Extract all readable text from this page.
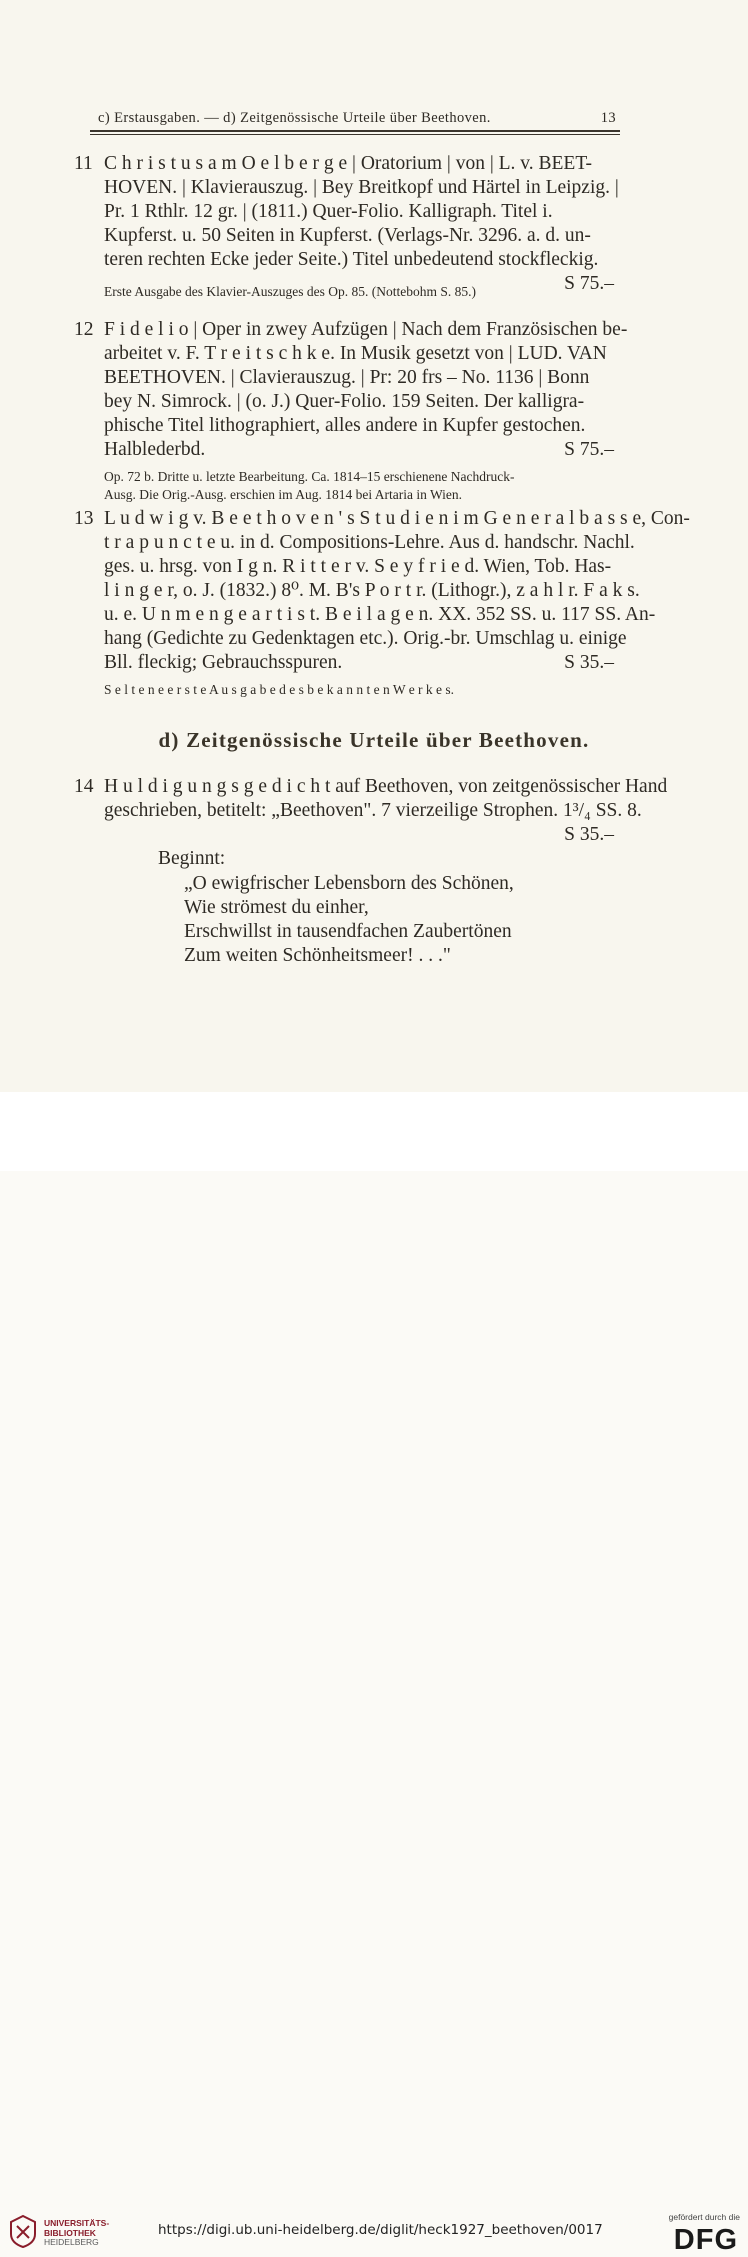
c) Erstausgaben. — d) Zeitgenössische Urteile über Beethoven.	13
11 C h r i s t u s a m O e l b e r g e | Oratorium | von | L. v. BEET-
HOVEN. | Klavierauszug. | Bey Breitkopf und Härtel in Leipzig. |
Pr. 1 Rthlr. 12 gr. | (1811.) Quer-Folio. Kalligraph. Titel i.
Kupferst. u. 50 Seiten in Kupferst. (Verlags-Nr. 3296. a. d. un-
teren rechten Ecke jeder Seite.) Titel unbedeutend stockfleckig.
S 75.–
Erste Ausgabe des Klavier-Auszuges des Op. 85. (Nottebohm S. 85.)
12 F i d e l i o | Oper in zwey Aufzügen | Nach dem Französischen be-
arbeitet v. F. T r e i t s c h k e. In Musik gesetzt von | LUD. VAN
BEETHOVEN. | Clavierauszug. | Pr: 20 frs – No. 1136 | Bonn
bey N. Simrock. | (o. J.) Quer-Folio. 159 Seiten. Der kalligra-
phische Titel lithographiert, alles andere in Kupfer gestochen.
Halblederbd.	S 75.–
Op. 72 b. Dritte u. letzte Bearbeitung. Ca. 1814–15 erschienene Nachdruck-
Ausg. Die Orig.-Ausg. erschien im Aug. 1814 bei Artaria in Wien.
13 L u d w i g v. B e e t h o v e n ' s S t u d i e n i m G e n e r a l b a s s e, Con-
t r a p u n c t e u. in d. Compositions-Lehre. Aus d. handschr. Nachl.
ges. u. hrsg. von I g n. R i t t e r v. S e y f r i e d. Wien, Tob. Has-
l i n g e r, o. J. (1832.) 8⁰. M. B's P o r t r. (Lithogr.), z a h l r. F a k s.
u. e. U n m e n g e a r t i s t. B e i l a g e n. XX. 352 SS. u. 117 SS. An-
hang (Gedichte zu Gedenktagen etc.). Orig.-br. Umschlag u. einige
Bll. fleckig; Gebrauchsspuren.	S 35.–
S e l t e n e e r s t e A u s g a b e d e s b e k a n n t e n W e r k e s.
d) Zeitgenössische Urteile über Beethoven.
14 H u l d i g u n g s g e d i c h t auf Beethoven, von zeitgenössischer Hand
geschrieben, betitelt: „Beethoven". 7 vierzeilige Strophen. 1³/₄ SS. 8.
S 35.–
Beginnt:
„O ewigfrischer Lebensborn des Schönen,
Wie strömest du einher,
Erschwillst in tausendfachen Zaubertönen
Zum weiten Schönheitsmeer! . . ."
UNIVERSITÄTS-
BIBLIOTHEK
HEIDELBERG
https://digi.ub.uni-heidelberg.de/diglit/heck1927_beethoven/0017
gefördert durch die
DFG
